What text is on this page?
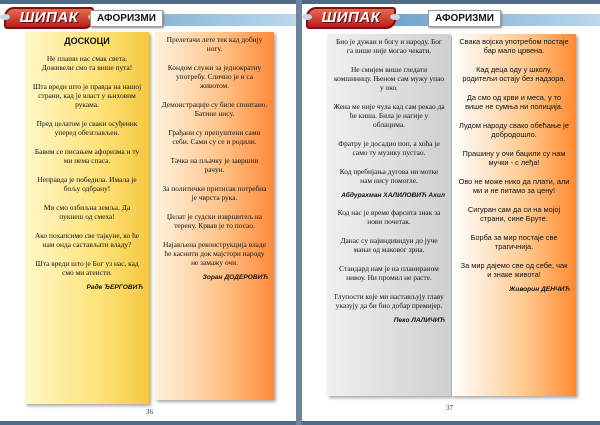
ШИПАК	АФОРИЗМИ
ДОСКОЦИ

Не плаши нас смак света. Доживели смо га више пута!

Шта вреди што је правда на нашој страни, кад је власт у њиховим рукама.

Пред целатом је сваки осуђеник уперед обезглављен.

Бавим се писањем афоризма и ту ми нема спаса.

Неправда је победила. Имала је бољу одбрану!

Ми смо озбиљна земља. Да пукнеш од смеха!

Ако похапсимо све тајкуне, ко ће нам онда састављати владу?

Шта вреди што је Бог уз нас, кад смо ми атеисти.

Раде ЂЕРГОВИЋ

Прелетачи лете тек кад добију ногу.

Кондом служи за једнократну употребу. Слично је и са животом.

Демонстрације су биле спонтано. Батине нису.

Грађани су препуштени сами себи. Сами су се и родили.

Тачка на пљачку је завршни рачун.

За политички притисак потребна је чврста рука.

Џелат је судски извршитељ на терену. Крвав је то посао.

Најављена реконструкција владе ће каснити док мајстори народу не замажу очи.

Зоран ДОДЕРОВИЋ
36
ШИПАК	АФОРИЗМИ

Био је дужан и богу и народу. Бог га више није могао чекати.

Не смијем више гледати комшиницу. Њеном сам мужу упао у око.

Жена ме није чула кад сам рекао да ће киша. Била је нагије у облацима.

Фратру је досадио поп, а хоћа је само ту музику пустао.

Код пребијања дугова ни мотке нам нису помогле.

Абдурахман ХАЛИЛОВИЋ Ахил

Код нас је време фарсита знак за нови почетак.

Данас су најиндивидуи до јуче мањи од маковог зрна.

Стандард нам је на планираном нивоу. Ни промил не расте.

Глупости које ми настављују главу указују да би био добар премијер.

Пеко ЛАЛИЧИЋ

Свака војска употребом постаје бар мало црвена.

Кад деца оду у школу, родитељи остају без надзора.

Да смо од крви и меса, у то више не сумња ни полиција.

Лудом народу свако обећање је добродошло.

Прашину у очи бацили су нам мучки - с леђа!

Ово не може нико да плати, али ми и не питамо за цену!

Сигуран сам да си на мојој страни, сине Бруте.

Борба за мир постаје све трагичнија.

За мир дајемо све од себе, чак и знаке живота!

Живорин ДЕНЧИЋ
37
